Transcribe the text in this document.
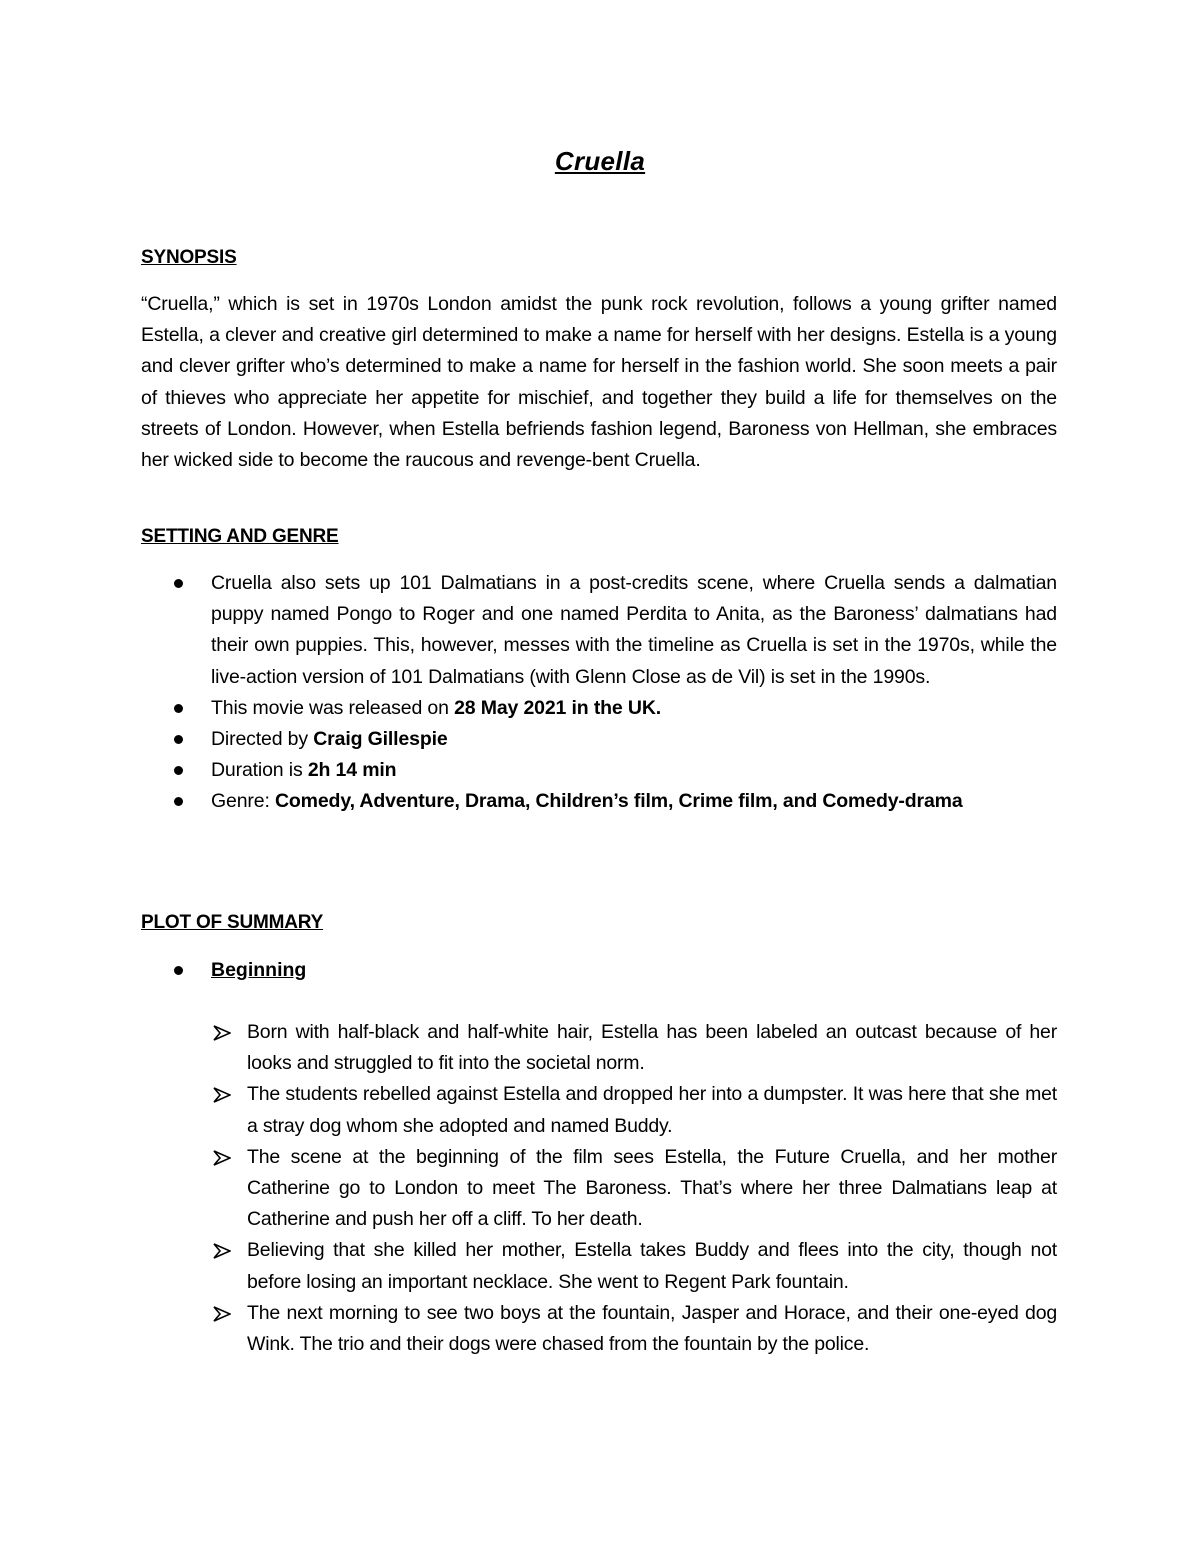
Cruella
SYNOPSIS
“Cruella,” which is set in 1970s London amidst the punk rock revolution, follows a young grifter named Estella, a clever and creative girl determined to make a name for herself with her designs. Estella is a young and clever grifter who’s determined to make a name for herself in the fashion world. She soon meets a pair of thieves who appreciate her appetite for mischief, and together they build a life for themselves on the streets of London. However, when Estella befriends fashion legend, Baroness von Hellman, she embraces her wicked side to become the raucous and revenge-bent Cruella.
SETTING AND GENRE
Cruella also sets up 101 Dalmatians in a post-credits scene, where Cruella sends a dalmatian puppy named Pongo to Roger and one named Perdita to Anita, as the Baroness’ dalmatians had their own puppies. This, however, messes with the timeline as Cruella is set in the 1970s, while the live-action version of 101 Dalmatians (with Glenn Close as de Vil) is set in the 1990s.
This movie was released on 28 May 2021 in the UK.
Directed by Craig Gillespie
Duration is 2h 14 min
Genre: Comedy, Adventure, Drama, Children’s film, Crime film, and Comedy-drama
PLOT OF SUMMARY
Beginning
Born with half-black and half-white hair, Estella has been labeled an outcast because of her looks and struggled to fit into the societal norm.
The students rebelled against Estella and dropped her into a dumpster. It was here that she met a stray dog whom she adopted and named Buddy.
The scene at the beginning of the film sees Estella, the Future Cruella, and her mother Catherine go to London to meet The Baroness. That’s where her three Dalmatians leap at Catherine and push her off a cliff. To her death.
Believing that she killed her mother, Estella takes Buddy and flees into the city, though not before losing an important necklace. She went to Regent Park fountain.
The next morning to see two boys at the fountain, Jasper and Horace, and their one-eyed dog Wink. The trio and their dogs were chased from the fountain by the police.
